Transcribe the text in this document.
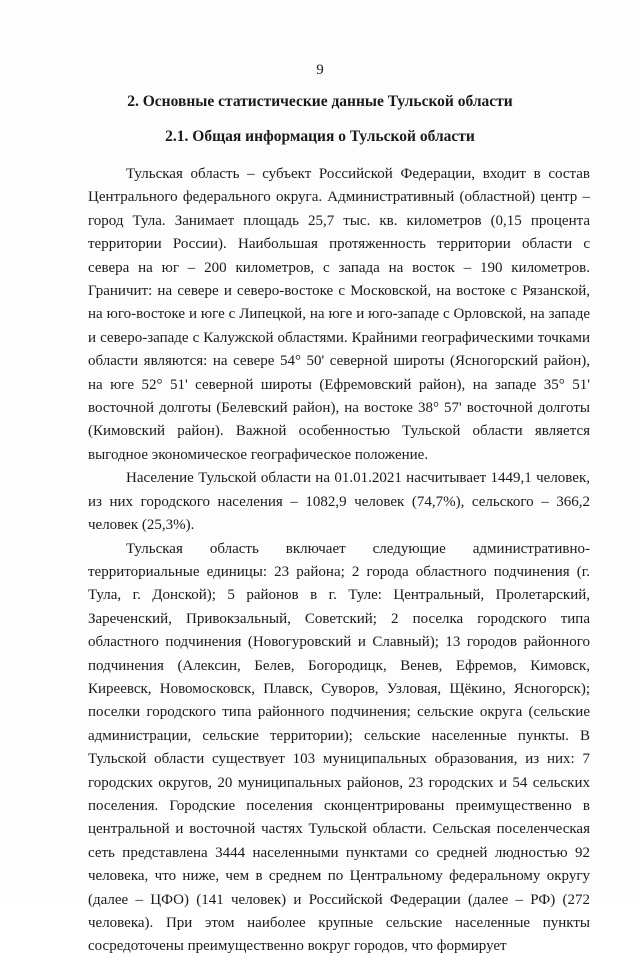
9
2. Основные статистические данные Тульской области
2.1. Общая информация о Тульской области

Тульская область – субъект Российской Федерации, входит в состав Центрального федерального округа. Административный (областной) центр – город Тула. Занимает площадь 25,7 тыс. кв. километров (0,15 процента территории России). Наибольшая протяженность территории области с севера на юг – 200 километров, с запада на восток – 190 километров. Граничит: на севере и северо-востоке с Московской, на востоке с Рязанской, на юго-востоке и юге с Липецкой, на юге и юго-западе с Орловской, на западе и северо-западе с Калужской областями. Крайними географическими точками области являются: на севере 54° 50' северной широты (Ясногорский район), на юге 52° 51' северной широты (Ефремовский район), на западе 35° 51' восточной долготы (Белевский район), на востоке 38° 57' восточной долготы (Кимовский район). Важной особенностью Тульской области является выгодное экономическое географическое положение.

Население Тульской области на 01.01.2021 насчитывает 1449,1 человек, из них городского населения – 1082,9 человек (74,7%), сельского – 366,2 человек (25,3%).

Тульская область включает следующие административно-территориальные единицы: 23 района; 2 города областного подчинения (г. Тула, г. Донской); 5 районов в г. Туле: Центральный, Пролетарский, Зареченский, Привокзальный, Советский; 2 поселка городского типа областного подчинения (Новогуровский и Славный); 13 городов районного подчинения (Алексин, Белев, Богородицк, Венев, Ефремов, Кимовск, Киреевск, Новомосковск, Плавск, Суворов, Узловая, Щёкино, Ясногорск); поселки городского типа районного подчинения; сельские округа (сельские администрации, сельские территории); сельские населенные пункты. В Тульской области существует 103 муниципальных образования, из них: 7 городских округов, 20 муниципальных районов, 23 городских и 54 сельских поселения. Городские поселения сконцентрированы преимущественно в центральной и восточной частях Тульской области. Сельская поселенческая сеть представлена 3444 населенными пунктами со средней людностью 92 человека, что ниже, чем в среднем по Центральному федеральному округу (далее – ЦФО) (141 человек) и Российской Федерации (далее – РФ) (272 человека). При этом наиболее крупные сельские населенные пункты сосредоточены преимущественно вокруг городов, что формирует
